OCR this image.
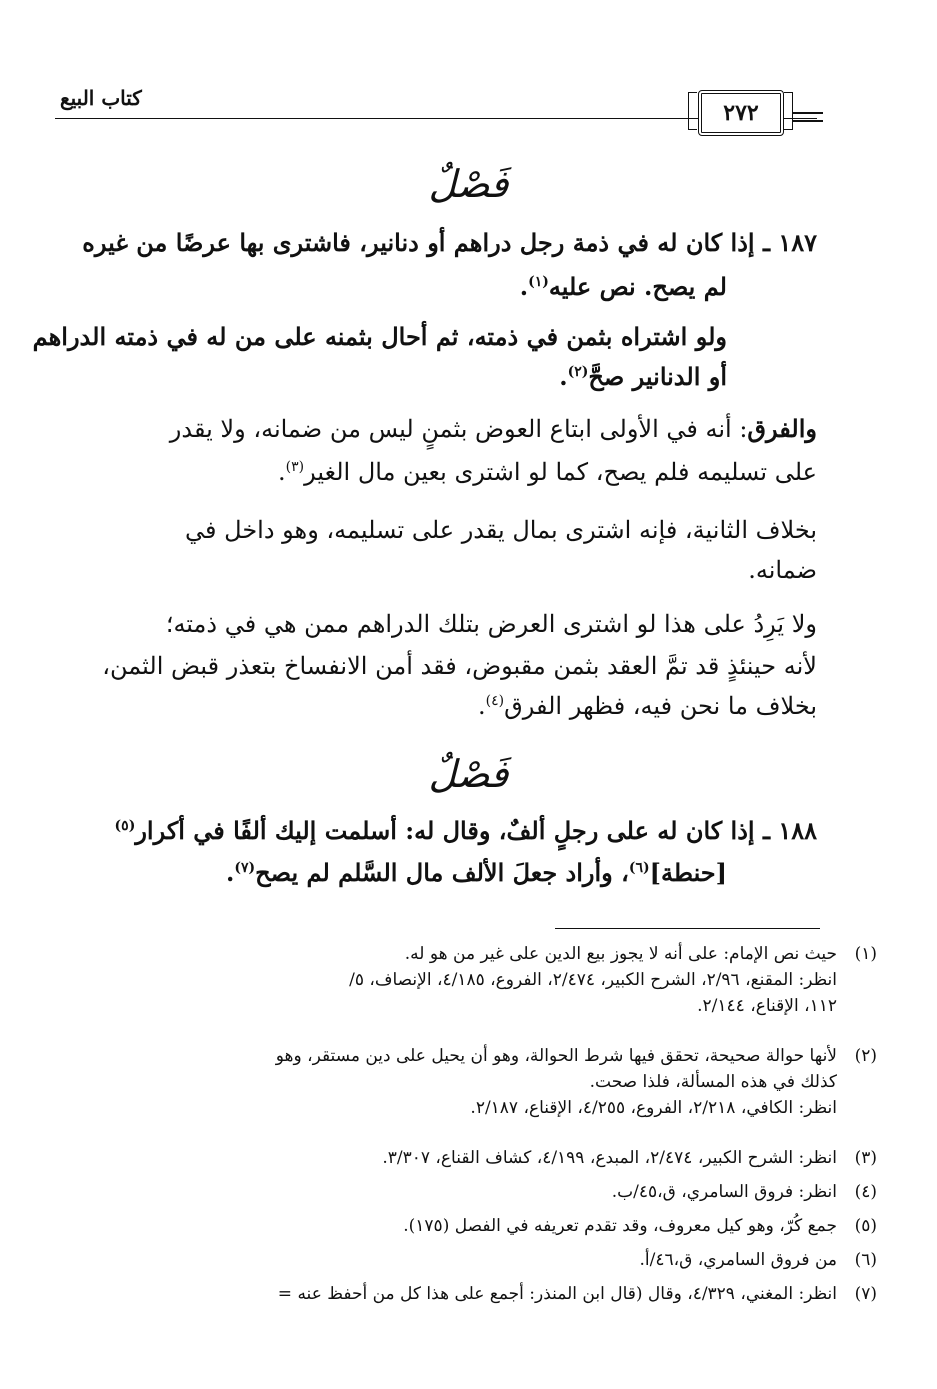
كتاب البيع
٢٧٢
فَصْلٌ
١٨٧ ـ إذا كان له في ذمة رجل دراهم أو دنانير، فاشترى بها عرضًا من غيره
لم يصح. نص عليه$^{(١)}$.
ولو اشتراه بثمن في ذمته، ثم أحال بثمنه على من له في ذمته الدراهم
أو الدنانير صحَّ$^{(٢)}$.
والفرق: أنه في الأولى ابتاع العوض بثمنٍ ليس من ضمانه، ولا يقدر
على تسليمه فلم يصح، كما لو اشترى بعين مال الغير$^{(٣)}$.
بخلاف الثانية، فإنه اشترى بمال يقدر على تسليمه، وهو داخل في
ضمانه.
ولا يَرِدُ على هذا لو اشترى العرض بتلك الدراهم ممن هي في ذمته؛
لأنه حينئذٍ قد تمَّ العقد بثمن مقبوض، فقد أمن الانفساخ بتعذر قبض الثمن،
بخلاف ما نحن فيه، فظهر الفرق$^{(٤)}$.
فَصْلٌ
١٨٨ ـ إذا كان له على رجلٍ ألفٌ، وقال له: أسلمت إليك ألفًا في أكرار$^{(٥)}$
[حنطة]$^{(٦)}$، وأراد جعلَ الألف مال السَّلم لم يصح$^{(٧)}$.
(١)
حيث نص الإمام: على أنه لا يجوز بيع الدين على غير من هو له.
انظر: المقنع، ٢/٩٦، الشرح الكبير، ٢/٤٧٤، الفروع، ٤/١٨٥، الإنصاف، ٥/
١١٢، الإقناع، ٢/١٤٤.
(٢)
لأنها حوالة صحيحة، تحقق فيها شرط الحوالة، وهو أن يحيل على دين مستقر، وهو
كذلك في هذه المسألة، فلذا صحت.
انظر: الكافي، ٢/٢١٨، الفروع، ٤/٢٥٥، الإقناع، ٢/١٨٧.
(٣)
انظر: الشرح الكبير، ٢/٤٧٤، المبدع، ٤/١٩٩، كشاف القناع، ٣/٣٠٧.
(٤)
انظر: فروق السامري، ق،٤٥/ب.
(٥)
جمع كُرّ، وهو كيل معروف، وقد تقدم تعريفه في الفصل (١٧٥).
(٦)
من فروق السامري، ق،٤٦/أ.
(٧)
انظر: المغني، ٤/٣٢٩، وقال (قال ابن المنذر: أجمع على هذا كل من أحفظ عنه =
